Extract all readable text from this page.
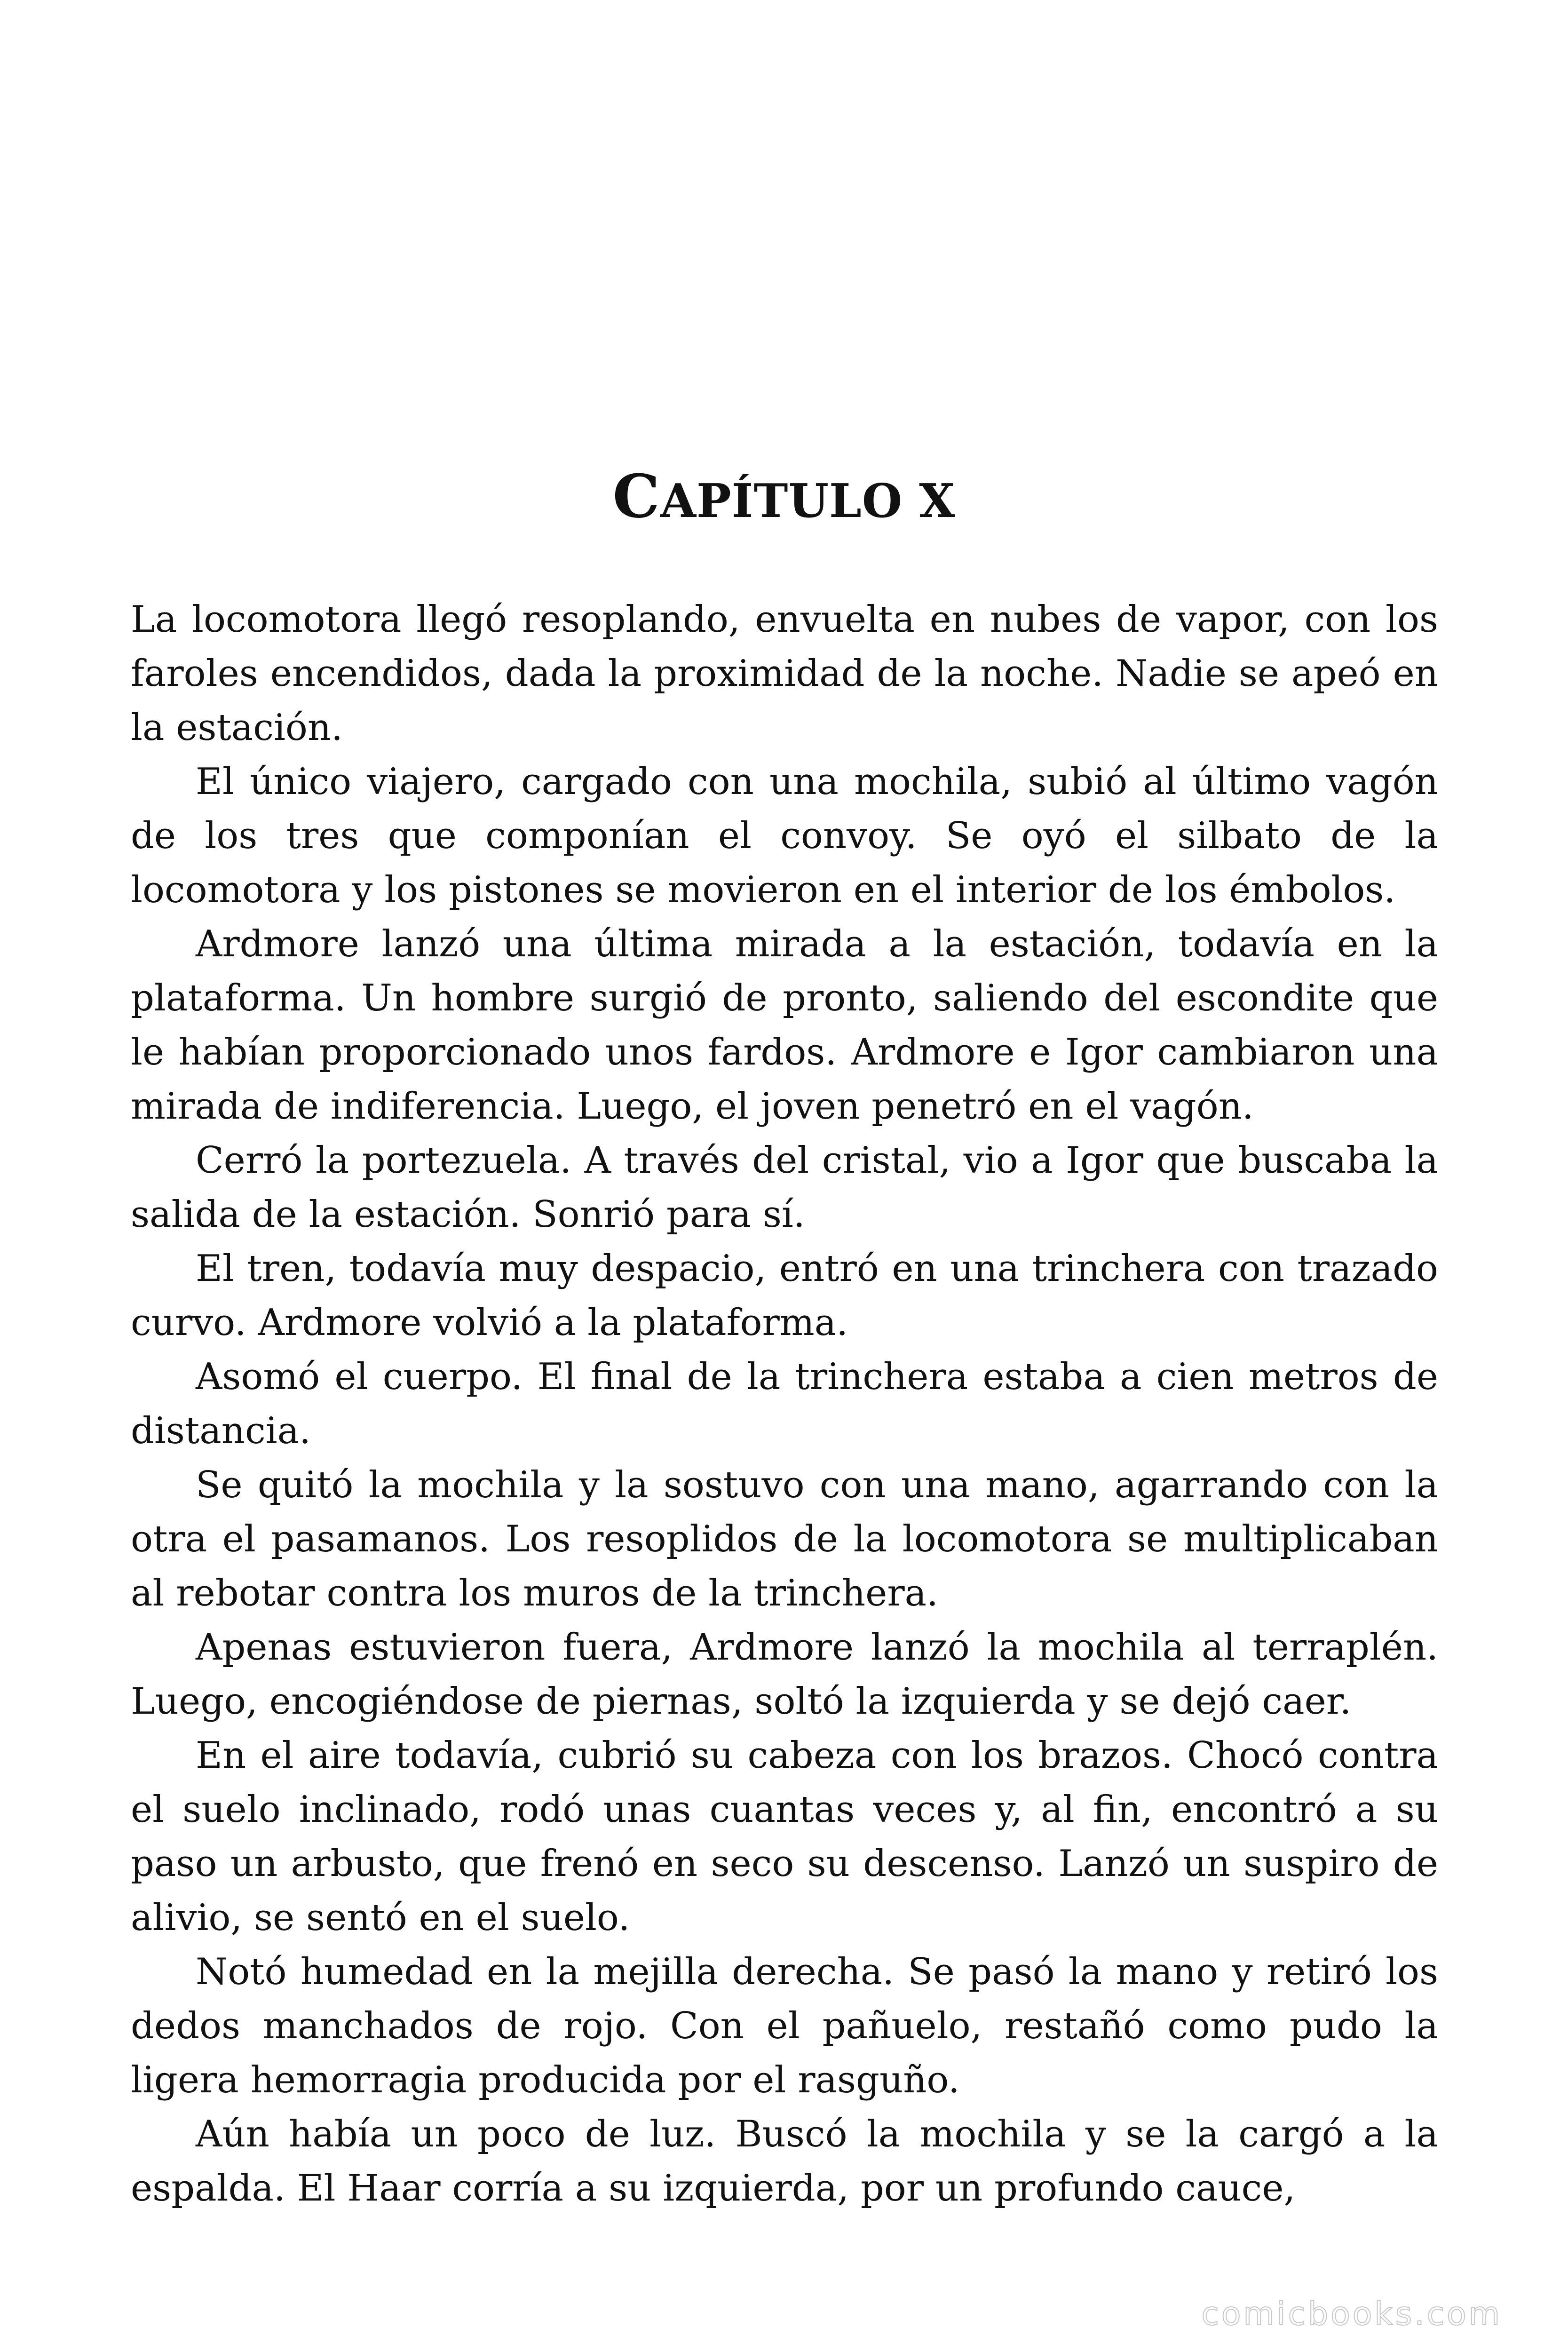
CAPÍTULO X

La locomotora llegó resoplando, envuelta en nubes de vapor, con los faroles encendidos, dada la proximidad de la noche. Nadie se apeó en la estación.

El único viajero, cargado con una mochila, subió al último vagón de los tres que componían el convoy. Se oyó el silbato de la locomotora y los pistones se movieron en el interior de los émbolos.

Ardmore lanzó una última mirada a la estación, todavía en la plataforma. Un hombre surgió de pronto, saliendo del escondite que le habían proporcionado unos fardos. Ardmore e Igor cambiaron una mirada de indiferencia. Luego, el joven penetró en el vagón.

Cerró la portezuela. A través del cristal, vio a Igor que buscaba la salida de la estación. Sonrió para sí.

El tren, todavía muy despacio, entró en una trinchera con trazado curvo. Ardmore volvió a la plataforma.

Asomó el cuerpo. El final de la trinchera estaba a cien metros de distancia.

Se quitó la mochila y la sostuvo con una mano, agarrando con la otra el pasamanos. Los resoplidos de la locomotora se multiplicaban al rebotar contra los muros de la trinchera.

Apenas estuvieron fuera, Ardmore lanzó la mochila al terraplén. Luego, encogiéndose de piernas, soltó la izquierda y se dejó caer.

En el aire todavía, cubrió su cabeza con los brazos. Chocó contra el suelo inclinado, rodó unas cuantas veces y, al fin, encontró a su paso un arbusto, que frenó en seco su descenso. Lanzó un suspiro de alivio, se sentó en el suelo.

Notó humedad en la mejilla derecha. Se pasó la mano y retiró los dedos manchados de rojo. Con el pañuelo, restañó como pudo la ligera hemorragia producida por el rasguño.

Aún había un poco de luz. Buscó la mochila y se la cargó a la espalda. El Haar corría a su izquierda, por un profundo cauce,

comicbooks.com
